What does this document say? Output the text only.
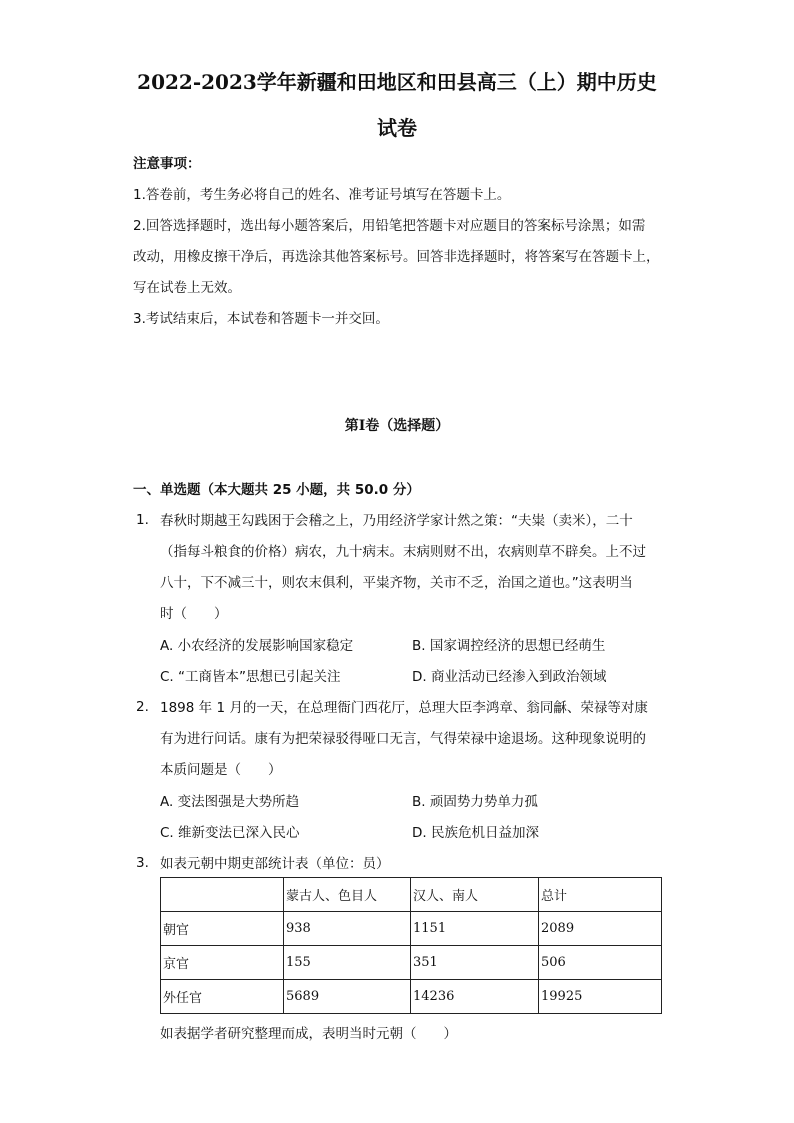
2022-2023学年新疆和田地区和田县高三（上）期中历史
试卷
注意事项：
1.答卷前，考生务必将自己的姓名、准考证号填写在答题卡上。
2.回答选择题时，选出每小题答案后，用铅笔把答题卡对应题目的答案标号涂黑；如需
改动，用橡皮擦干净后，再选涂其他答案标号。回答非选择题时，将答案写在答题卡上，
写在试卷上无效。
3.考试结束后，本试卷和答题卡一并交回。
第I卷（选择题）
一、单选题（本大题共 25 小题，共 50.0 分）
1. 春秋时期越王勾践困于会稽之上，乃用经济学家计然之策：“夫粜（卖米），二十
（指每斗粮食的价格）病农，九十病末。末病则财不出，农病则草不辟矣。上不过
八十，下不减三十，则农末俱利，平粜齐物，关市不乏，治国之道也。”这表明当
时（　　）
A. 小农经济的发展影响国家稳定	B. 国家调控经济的思想已经萌生
C. “工商皆本”思想已引起关注	D. 商业活动已经渗入到政治领域
2. 1898 年 1 月的一天，在总理衙门西花厅，总理大臣李鸿章、翁同龢、荣禄等对康
有为进行问话。康有为把荣禄驳得哑口无言，气得荣禄中途退场。这种现象说明的
本质问题是（　　）
A. 变法图强是大势所趋	B. 顽固势力势单力孤
C. 维新变法已深入民心	D. 民族危机日益加深
3. 如表元朝中期吏部统计表（单位：员）
	蒙古人、色目人	汉人、南人	总计
朝官	938	1151	2089
京官	155	351	506
外任官	5689	14236	19925
如表据学者研究整理而成，表明当时元朝（　　）
